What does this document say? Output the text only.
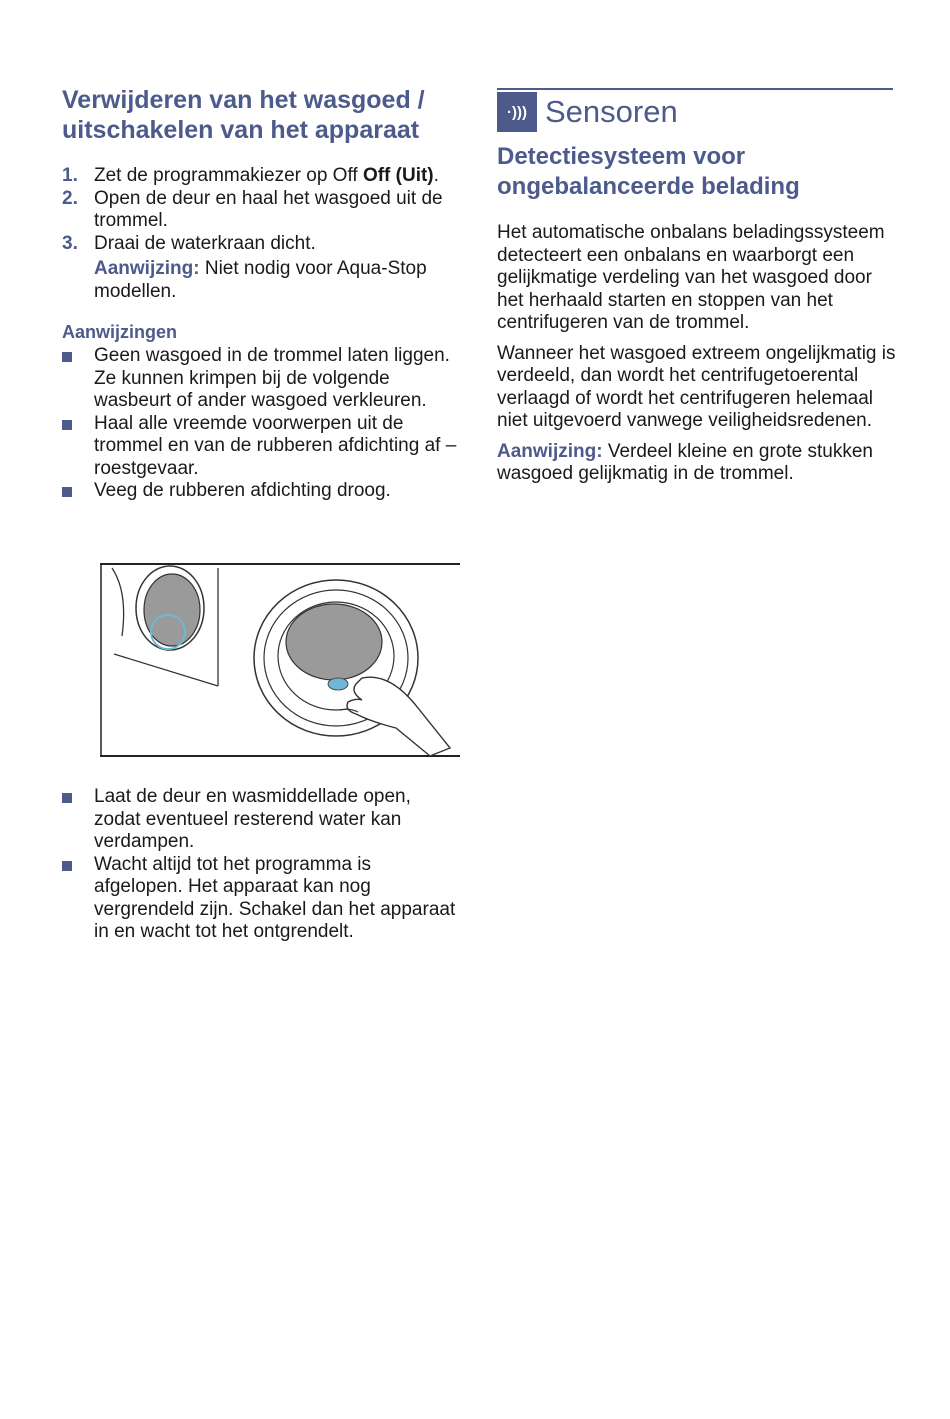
Verwijderen van het wasgoed /
uitschakelen van het apparaat
1. Zet de programmakiezer op Off Off (Uit).
2. Open de deur en haal het wasgoed uit de trommel.
3. Draai de waterkraan dicht.
Aanwijzing: Niet nodig voor Aqua-Stop modellen.
Aanwijzingen
Geen wasgoed in de trommel laten liggen. Ze kunnen krimpen bij de volgende wasbeurt of ander wasgoed verkleuren.
Haal alle vreemde voorwerpen uit de trommel en van de rubberen afdichting af – roestgevaar.
Veeg de rubberen afdichting droog.
Laat de deur en wasmiddellade open, zodat eventueel resterend water kan verdampen.
Wacht altijd tot het programma is afgelopen. Het apparaat kan nog vergrendeld zijn. Schakel dan het apparaat in en wacht tot het ontgrendelt.
·))) Sensoren
Detectiesysteem voor
ongebalanceerde belading

Het automatische onbalans beladingssysteem detecteert een onbalans en waarborgt een gelijkmatige verdeling van het wasgoed door het herhaald starten en stoppen van het centrifugeren van de trommel.

Wanneer het wasgoed extreem ongelijkmatig is verdeeld, dan wordt het centrifugetoerental verlaagd of wordt het centrifugeren helemaal niet uitgevoerd vanwege veiligheidsredenen.

Aanwijzing: Verdeel kleine en grote stukken wasgoed gelijkmatig in de trommel.
